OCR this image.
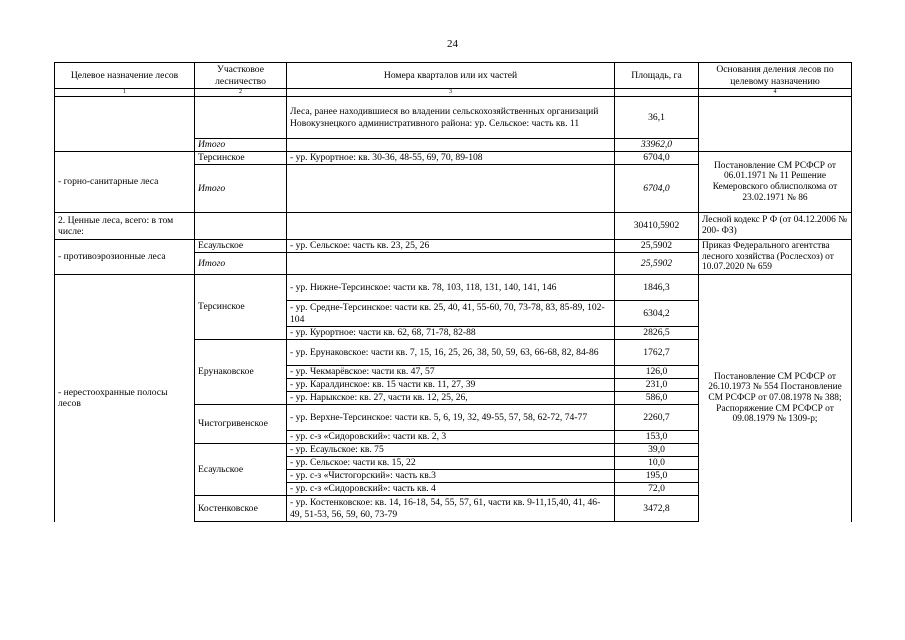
24
Целевое назначение лесов	Участковое лесничество	Номера кварталов или их частей	Площадь, га	Основания деления лесов по целевому назначению
1	2	3		4
		Леса, ранее находившиеся во владении сельскохозяйственных организаций Новокузнецкого административного района: ур. Сельское: часть кв. 11	36,1	
	Итого		33962,0	
- горно-санитарные леса	Терсинское	- ур. Курортное: кв. 30-36, 48-55, 69, 70, 89-108	6704,0	Постановление СМ РСФСР от 06.01.1971 № 11 Решение Кемеровского облисполкома от 23.02.1971 № 86
	Итого		6704,0	
2. Ценные леса, всего: в том числе:			30410,5902	Лесной кодекс Р Ф (от 04.12.2006 № 200- ФЗ)
- противоэрозионные леса	Есаульское	- ур. Сельское: часть кв. 23, 25, 26	25,5902	Приказ Федерального агентства лесного хозяйства (Рослесхоз) от 10.07.2020 № 659
	Итого		25,5902	
- нерестоохранные полосы лесов	Терсинское	- ур. Нижне-Терсинское: части кв. 78, 103, 118, 131, 140, 141, 146	1846,3	Постановление СМ РСФСР от 26.10.1973 № 554 Постановление СМ РСФСР от 07.08.1978 № 388; Распоряжение СМ РСФСР от 09.08.1979 № 1309-р;
		- ур. Средне-Терсинское: части кв. 25, 40, 41, 55-60, 70, 73-78, 83, 85-89, 102-104	6304,2	
		- ур. Курортное: части кв. 62, 68, 71-78, 82-88	2826,5	
	Ерунаковское	- ур. Ерунаковское: части кв. 7, 15, 16, 25, 26, 38, 50, 59, 63, 66-68, 82, 84-86	1762,7	
		- ур. Чекмарёвское: части кв. 47, 57	126,0	
		- ур. Каралдинское: кв. 15 части кв. 11, 27, 39	231,0	
		- ур. Нарыкское: кв. 27, части кв. 12, 25, 26,	586,0	
	Чистогривенское	- ур. Верхне-Терсинское: части кв. 5, 6, 19, 32, 49-55, 57, 58, 62-72, 74-77	2260,7	
		- ур. с-з «Сидоровский»: части кв. 2, 3	153,0	
	Есаульское	- ур. Есаульское: кв. 75	39,0	
		- ур. Сельское: части кв. 15, 22	10,0	
		- ур. с-з «Чистогорский»: часть кв.3	195,0	
		- ур. с-з «Сидоровский»: часть кв. 4	72,0	
	Костенковское	- ур. Костенковское: кв. 14, 16-18, 54, 55, 57, 61, части кв. 9-11,15,40, 41, 46-49, 51-53, 56, 59, 60, 73-79	3472,8	
